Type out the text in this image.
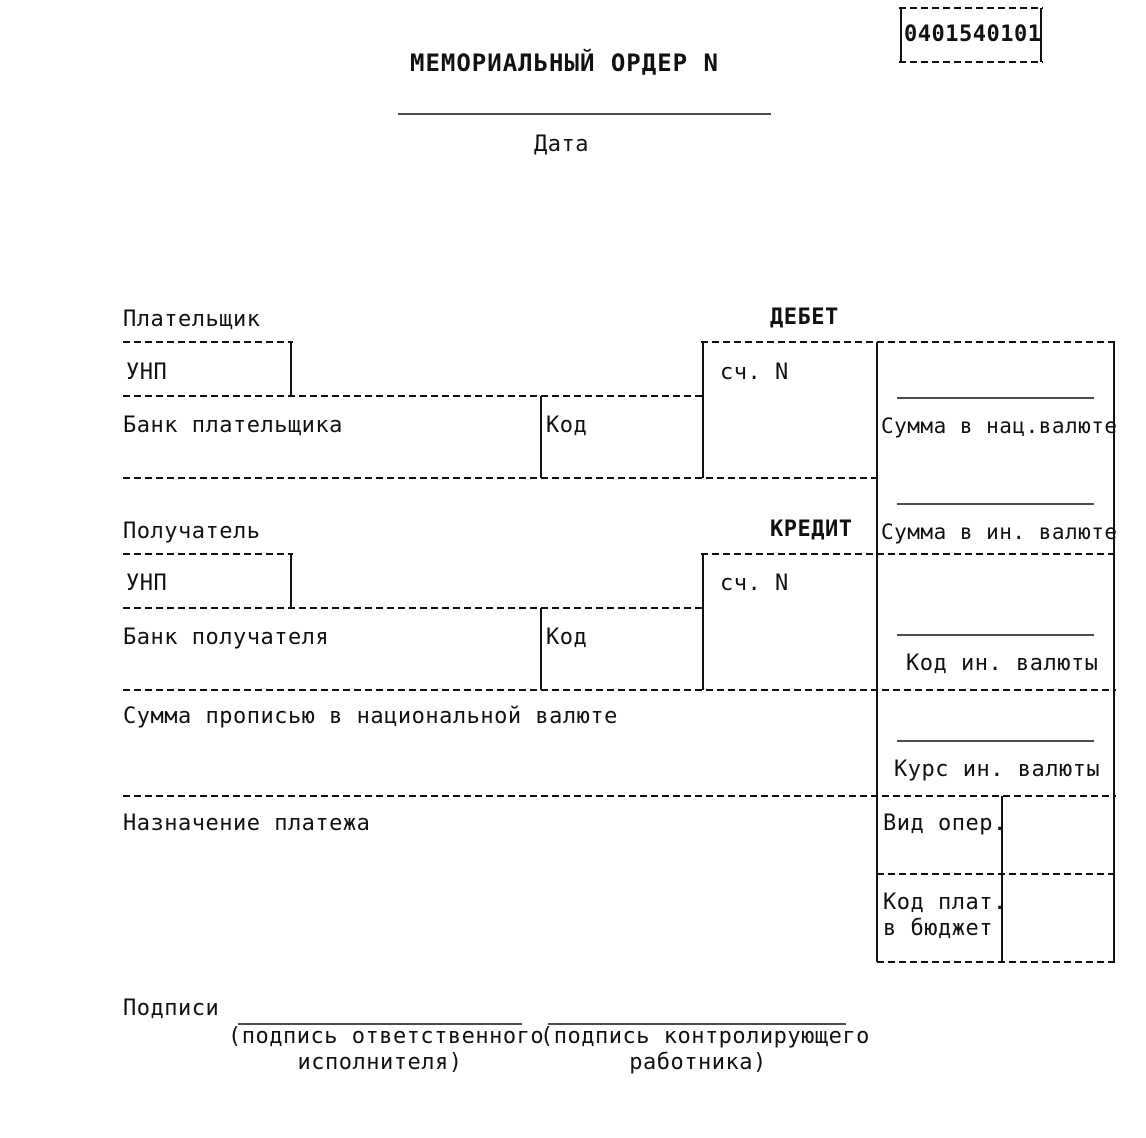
0401540101
МЕМОРИАЛЬНЫЙ ОРДЕР N
Дата
Плательщик	ДЕБЕТ
УНП	сч. N
Банк плательщика	Код	Сумма в нац.валюте
Сумма в ин. валюте
Код ин. валюты
Курс ин. валюты
Получатель	КРЕДИТ
УНП	сч. N
Банк получателя	Код
Сумма прописью в национальной валюте
Назначение платежа	Вид опер.
Код плат.
в бюджет
Подписи
(подпись ответственного
исполнителя)
(подпись контролирующего
работника)
